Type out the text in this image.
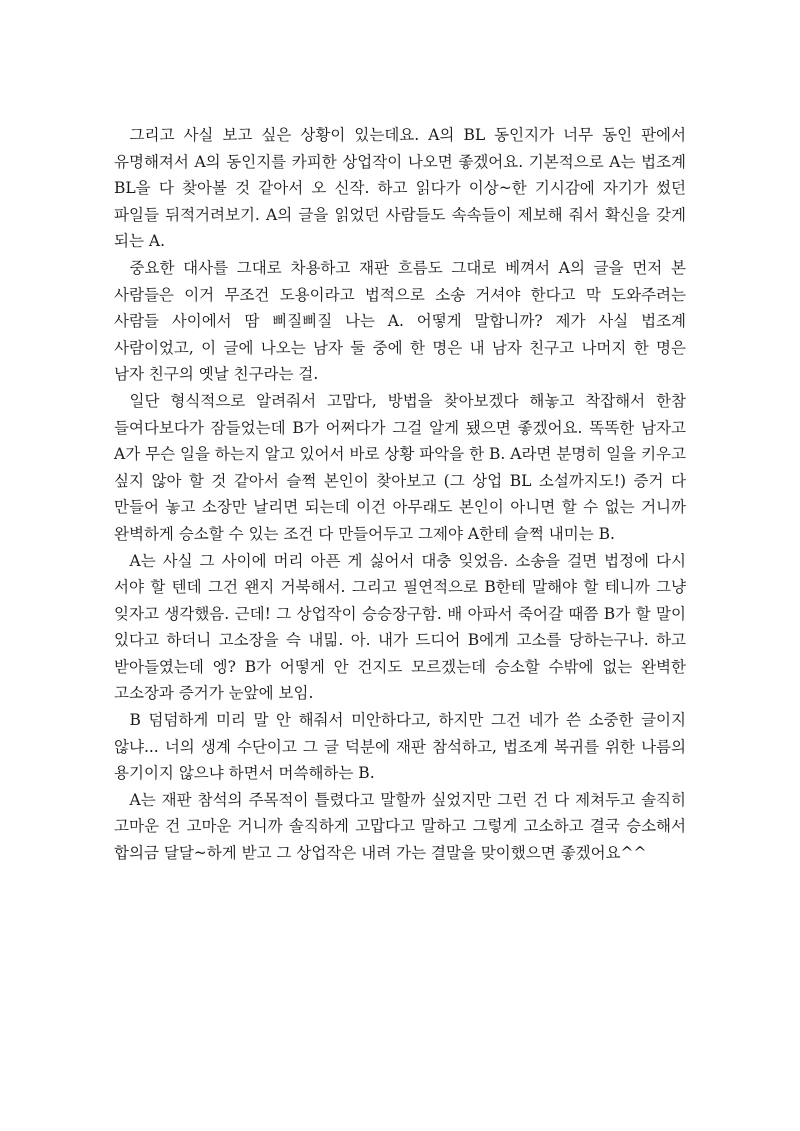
그리고 사실 보고 싶은 상황이 있는데요. A의 BL 동인지가 너무 동인 판에서 유명해져서 A의 동인지를 카피한 상업작이 나오면 좋겠어요. 기본적으로 A는 법조계 BL을 다 찾아볼 것 같아서 오 신작. 하고 읽다가 이상~한 기시감에 자기가 썼던 파일들 뒤적거려보기. A의 글을 읽었던 사람들도 속속들이 제보해 줘서 확신을 갖게 되는 A.

중요한 대사를 그대로 차용하고 재판 흐름도 그대로 베껴서 A의 글을 먼저 본 사람들은 이거 무조건 도용이라고 법적으로 소송 거셔야 한다고 막 도와주려는 사람들 사이에서 땀 삐질삐질 나는 A. 어떻게 말합니까? 제가 사실 법조계 사람이었고, 이 글에 나오는 남자 둘 중에 한 명은 내 남자 친구고 나머지 한 명은 남자 친구의 옛날 친구라는 걸.

일단 형식적으로 알려줘서 고맙다, 방법을 찾아보겠다 해놓고 착잡해서 한참 들여다보다가 잠들었는데 B가 어쩌다가 그걸 알게 됐으면 좋겠어요. 똑똑한 남자고 A가 무슨 일을 하는지 알고 있어서 바로 상황 파악을 한 B. A라면 분명히 일을 키우고 싶지 않아 할 것 같아서 슬쩍 본인이 찾아보고 (그 상업 BL 소설까지도!) 증거 다 만들어 놓고 소장만 날리면 되는데 이건 아무래도 본인이 아니면 할 수 없는 거니까 완벽하게 승소할 수 있는 조건 다 만들어두고 그제야 A한테 슬쩍 내미는 B.

A는 사실 그 사이에 머리 아픈 게 싫어서 대충 잊었음. 소송을 걸면 법정에 다시 서야 할 텐데 그건 왠지 거북해서. 그리고 필연적으로 B한테 말해야 할 테니까 그냥 잊자고 생각했음. 근데! 그 상업작이 승승장구함. 배 아파서 죽어갈 때쯤 B가 할 말이 있다고 하더니 고소장을 슥 내밂. 아. 내가 드디어 B에게 고소를 당하는구나. 하고 받아들였는데 엥? B가 어떻게 안 건지도 모르겠는데 승소할 수밖에 없는 완벽한 고소장과 증거가 눈앞에 보임.

B 덤덤하게 미리 말 안 해줘서 미안하다고, 하지만 그건 네가 쓴 소중한 글이지 않냐... 너의 생계 수단이고 그 글 덕분에 재판 참석하고, 법조계 복귀를 위한 나름의 용기이지 않으냐 하면서 머쓱해하는 B.

A는 재판 참석의 주목적이 틀렸다고 말할까 싶었지만 그런 건 다 제쳐두고 솔직히 고마운 건 고마운 거니까 솔직하게 고맙다고 말하고 그렇게 고소하고 결국 승소해서 합의금 달달~하게 받고 그 상업작은 내려 가는 결말을 맞이했으면 좋겠어요^^
